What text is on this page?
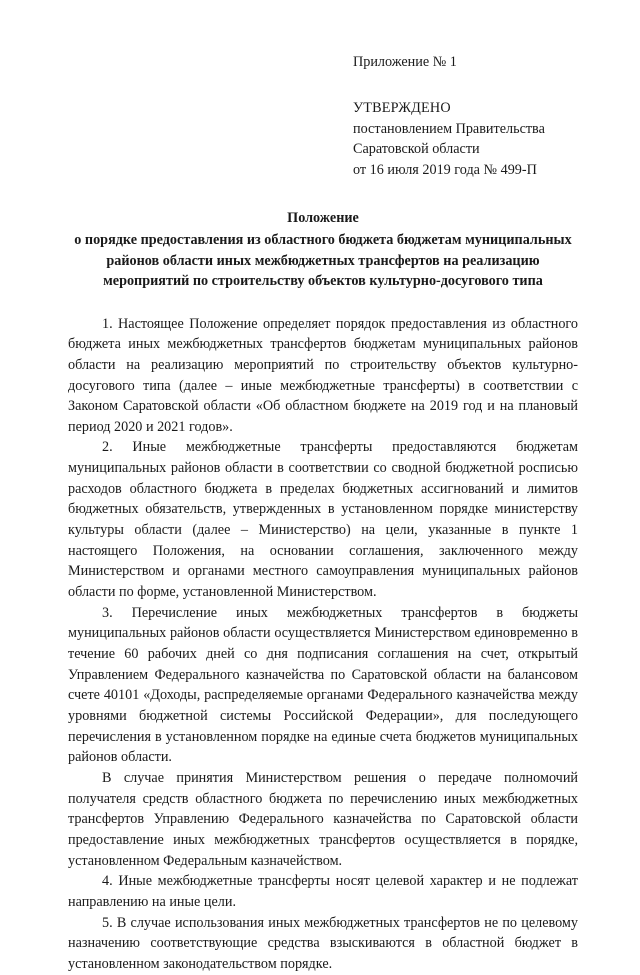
Приложение № 1
УТВЕРЖДЕНО
постановлением Правительства
Саратовской области
от 16 июля 2019 года № 499-П
Положение
о порядке предоставления из областного бюджета бюджетам муниципальных районов области иных межбюджетных трансфертов на реализацию мероприятий по строительству объектов культурно-досугового типа

1. Настоящее Положение определяет порядок предоставления из областного бюджета иных межбюджетных трансфертов бюджетам муниципальных районов области на реализацию мероприятий по строительству объектов культурно-досугового типа (далее – иные межбюджетные трансферты) в соответствии с Законом Саратовской области «Об областном бюджете на 2019 год и на плановый период 2020 и 2021 годов».

2. Иные межбюджетные трансферты предоставляются бюджетам муниципальных районов области в соответствии со сводной бюджетной росписью расходов областного бюджета в пределах бюджетных ассигнований и лимитов бюджетных обязательств, утвержденных в установленном порядке министерству культуры области (далее – Министерство) на цели, указанные в пункте 1 настоящего Положения, на основании соглашения, заключенного между Министерством и органами местного самоуправления муниципальных районов области по форме, установленной Министерством.

3. Перечисление иных межбюджетных трансфертов в бюджеты муниципальных районов области осуществляется Министерством единовременно в течение 60 рабочих дней со дня подписания соглашения на счет, открытый Управлением Федерального казначейства по Саратовской области на балансовом счете 40101 «Доходы, распределяемые органами Федерального казначейства между уровнями бюджетной системы Российской Федерации», для последующего перечисления в установленном порядке на единые счета бюджетов муниципальных районов области.

В случае принятия Министерством решения о передаче полномочий получателя средств областного бюджета по перечислению иных межбюджетных трансфертов Управлению Федерального казначейства по Саратовской области предоставление иных межбюджетных трансфертов осуществляется в порядке, установленном Федеральным казначейством.

4. Иные межбюджетные трансферты носят целевой характер и не подлежат направлению на иные цели.

5. В случае использования иных межбюджетных трансфертов не по целевому назначению соответствующие средства взыскиваются в областной бюджет в установленном законодательством порядке.
